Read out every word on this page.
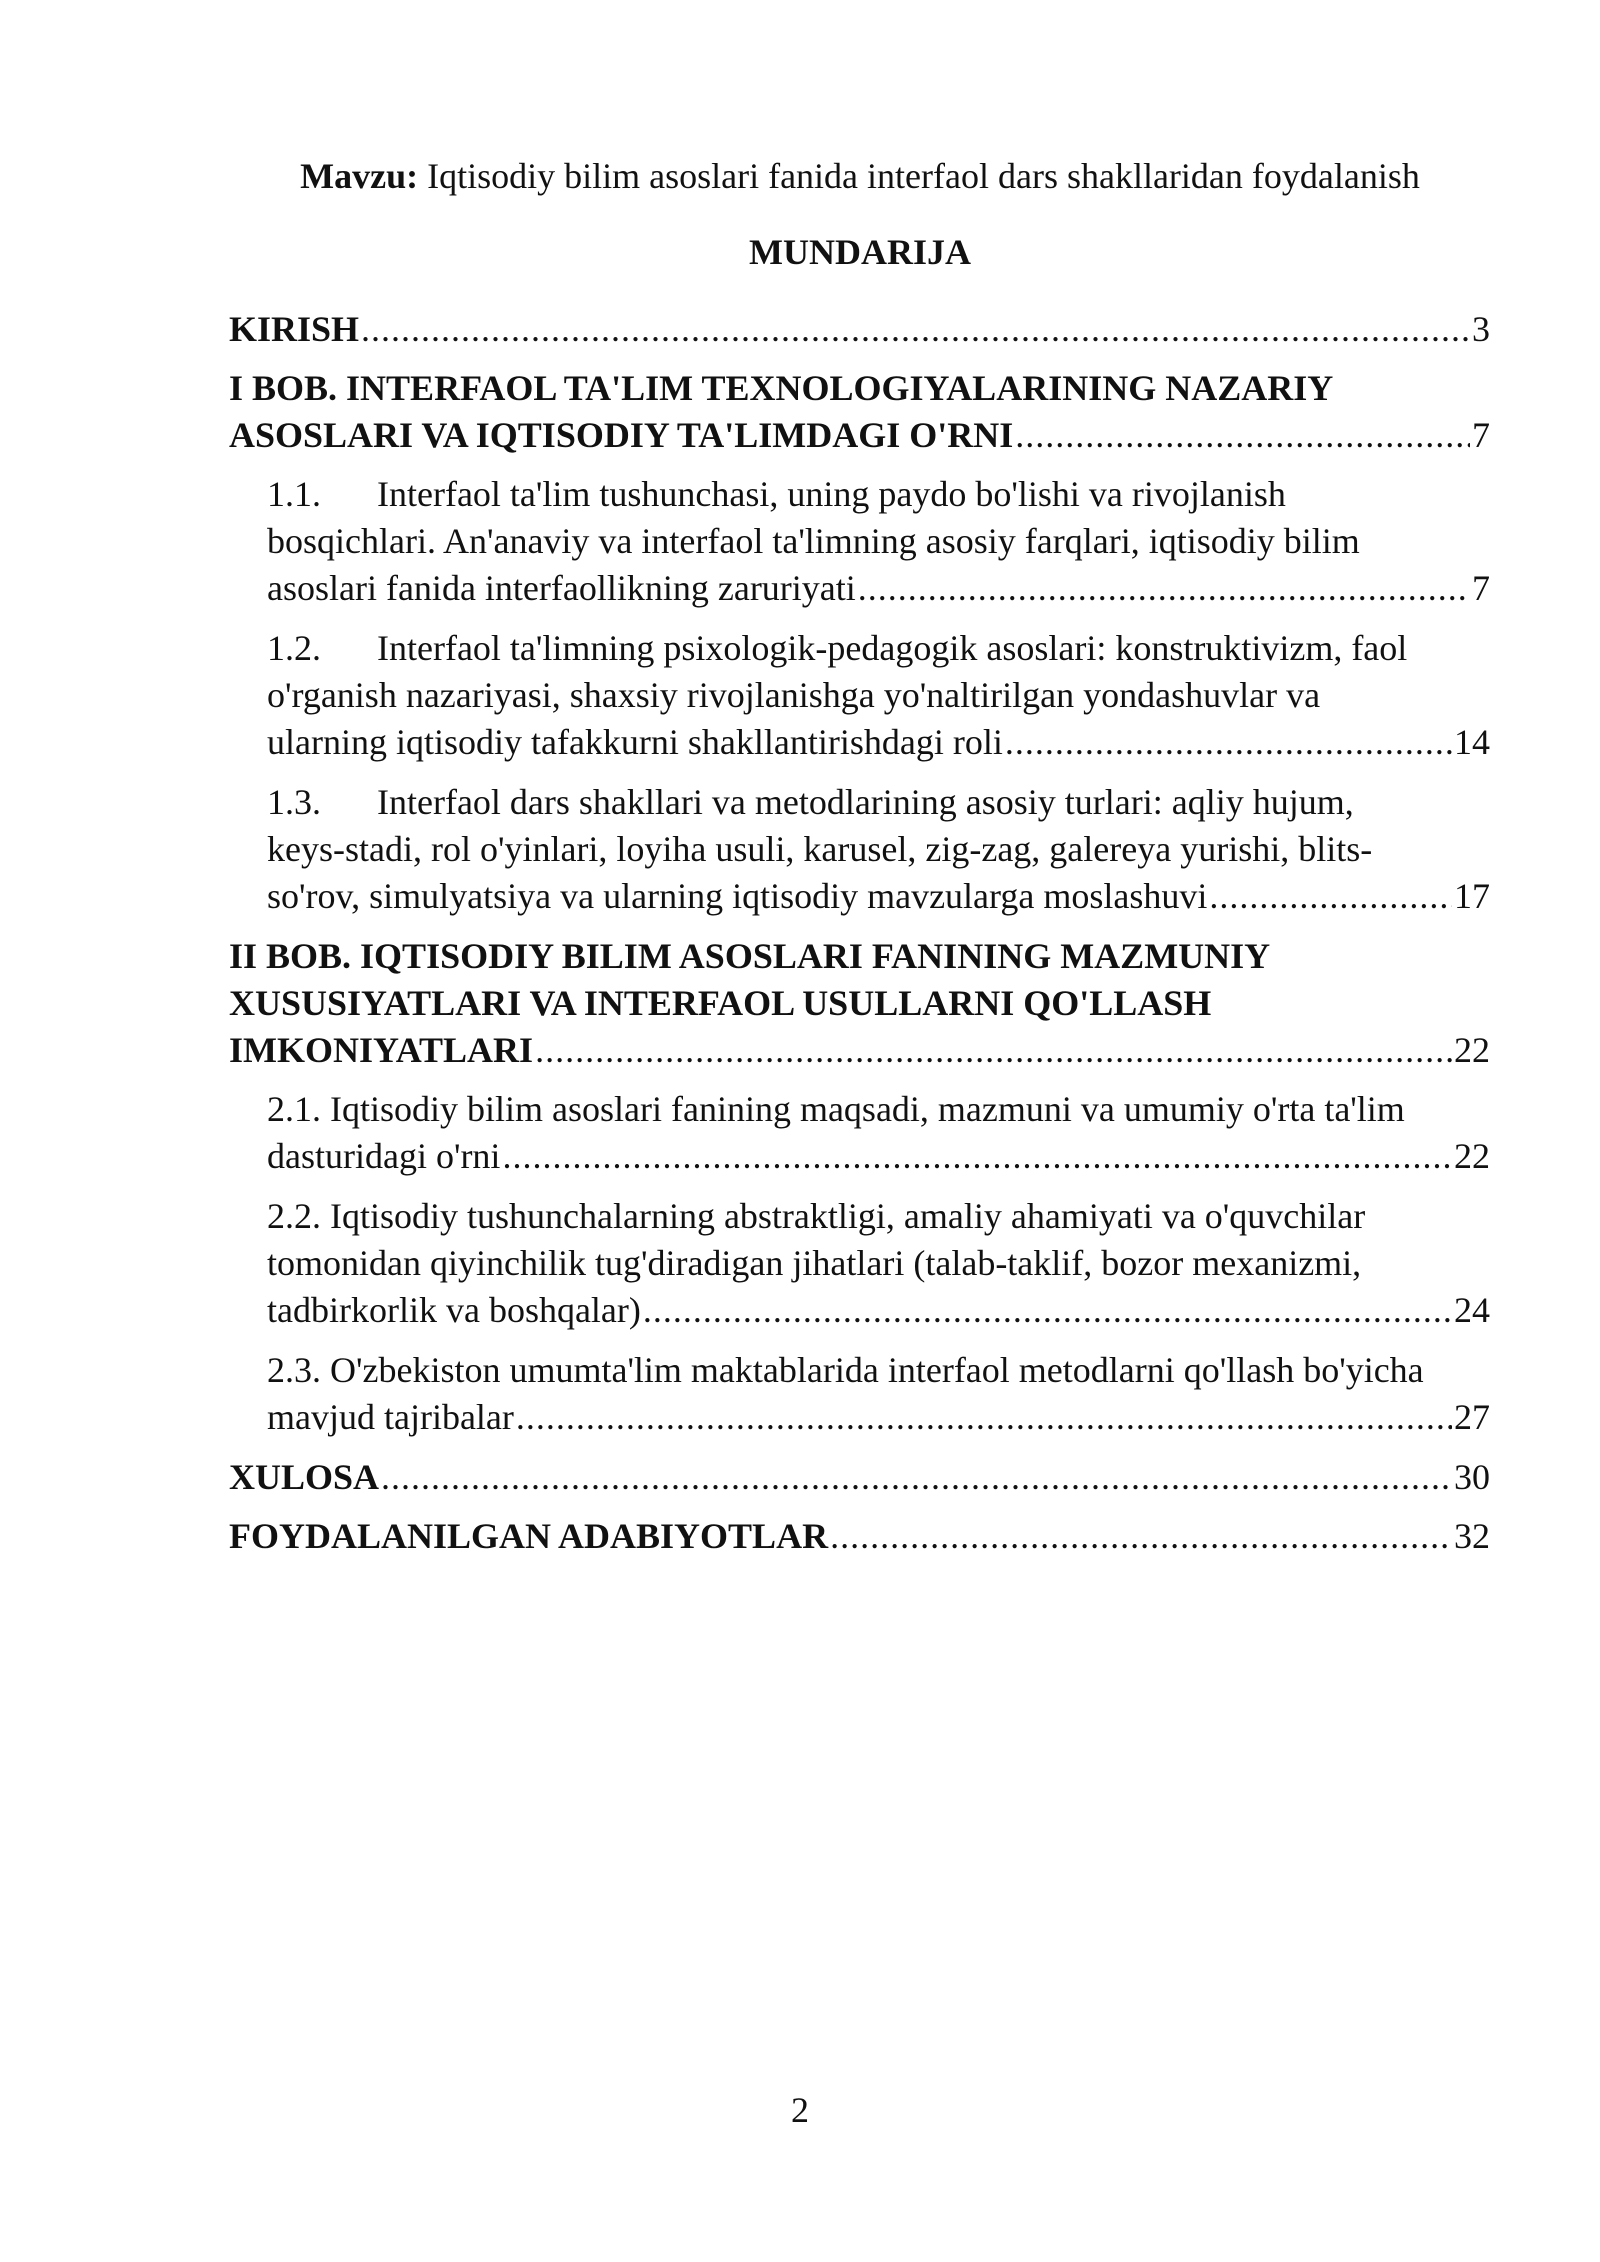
Mavzu: Iqtisodiy bilim asoslari fanida interfaol dars shakllaridan foydalanish
MUNDARIJA
KIRISH .....	3
I BOB. INTERFAOL TA'LIM TEXNOLOGIYALARINING NAZARIY
ASOSLARI VA IQTISODIY TA'LIMDAGI O'RNI .....	7
1.1. Interfaol ta'lim tushunchasi, uning paydo bo'lishi va rivojlanish
bosqichlari. An'anaviy va interfaol ta'limning asosiy farqlari, iqtisodiy bilim
asoslari fanida interfaollikning zaruriyati .....	7
1.2. Interfaol ta'limning psixologik-pedagogik asoslari: konstruktivizm, faol
o'rganish nazariyasi, shaxsiy rivojlanishga yo'naltirilgan yondashuvlar va
ularning iqtisodiy tafakkurni shakllantirishdagi roli .....	14
1.3. Interfaol dars shakllari va metodlarining asosiy turlari: aqliy hujum,
keys-stadi, rol o'yinlari, loyiha usuli, karusel, zig-zag, galereya yurishi, blits-
so'rov, simulyatsiya va ularning iqtisodiy mavzularga moslashuvi .....	17
II BOB. IQTISODIY BILIM ASOSLARI FANINING MAZMUNIY
XUSUSIYATLARI VA INTERFAOL USULLARNI QO'LLASH
IMKONIYATLARI .....	22
2.1. Iqtisodiy bilim asoslari fanining maqsadi, mazmuni va umumiy o'rta ta'lim
dasturidagi o'rni .....	22
2.2. Iqtisodiy tushunchalarning abstraktligi, amaliy ahamiyati va o'quvchilar
tomonidan qiyinchilik tug'diradigan jihatlari (talab-taklif, bozor mexanizmi,
tadbirkorlik va boshqalar) .....	24
2.3. O'zbekiston umumta'lim maktablarida interfaol metodlarni qo'llash bo'yicha
mavjud tajribalar .....	27
XULOSA .....	30
FOYDALANILGAN ADABIYOTLAR .....	32
2
